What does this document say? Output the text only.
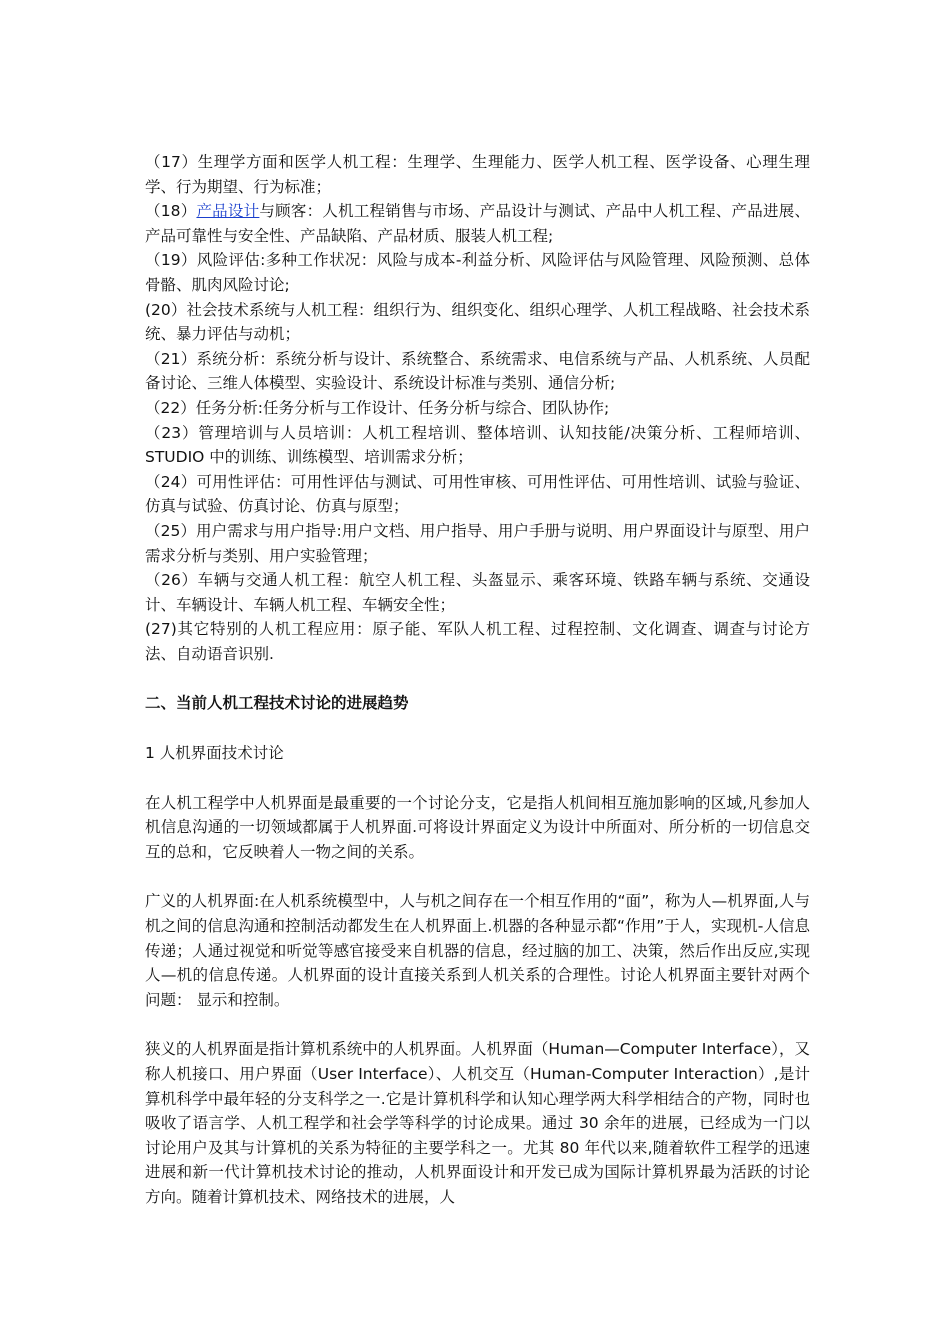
（17）生理学方面和医学人机工程：生理学、生理能力、医学人机工程、医学设备、心理生理学、行为期望、行为标准；

（18）产品设计与顾客：人机工程销售与市场、产品设计与测试、产品中人机工程、产品进展、产品可靠性与安全性、产品缺陷、产品材质、服装人机工程;

（19）风险评估:多种工作状况：风险与成本-利益分析、风险评估与风险管理、风险预测、总体骨骼、肌肉风险讨论;

(20）社会技术系统与人机工程：组织行为、组织变化、组织心理学、人机工程战略、社会技术系统、暴力评估与动机；

（21）系统分析：系统分析与设计、系统整合、系统需求、电信系统与产品、人机系统、人员配备讨论、三维人体模型、实验设计、系统设计标准与类别、通信分析;

（22）任务分析:任务分析与工作设计、任务分析与综合、团队协作;

（23）管理培训与人员培训：人机工程培训、整体培训、认知技能/决策分析、工程师培训、STUDIO 中的训练、训练模型、培训需求分析；

（24）可用性评估：可用性评估与测试、可用性审核、可用性评估、可用性培训、试验与验证、仿真与试验、仿真讨论、仿真与原型；

（25）用户需求与用户指导:用户文档、用户指导、用户手册与说明、用户界面设计与原型、用户需求分析与类别、用户实验管理；

（26）车辆与交通人机工程：航空人机工程、头盔显示、乘客环境、铁路车辆与系统、交通设计、车辆设计、车辆人机工程、车辆安全性；

(27)其它特别的人机工程应用：原子能、军队人机工程、过程控制、文化调查、调查与讨论方法、自动语音识别.

二、当前人机工程技术讨论的进展趋势

1 人机界面技术讨论

在人机工程学中人机界面是最重要的一个讨论分支，它是指人机间相互施加影响的区域,凡参加人机信息沟通的一切领域都属于人机界面.可将设计界面定义为设计中所面对、所分析的一切信息交互的总和，它反映着人一物之间的关系。

广义的人机界面:在人机系统模型中，人与机之间存在一个相互作用的“面”，称为人—机界面,人与机之间的信息沟通和控制活动都发生在人机界面上.机器的各种显示都“作用”于人，实现机-人信息传递；人通过视觉和听觉等感官接受来自机器的信息，经过脑的加工、决策，然后作出反应,实现人—机的信息传递。人机界面的设计直接关系到人机关系的合理性。讨论人机界面主要针对两个问题： 显示和控制。

狭义的人机界面是指计算机系统中的人机界面。人机界面（Human—Computer Interface），又称人机接口、用户界面（User Interface）、人机交互（Human-Computer Interaction）,是计算机科学中最年轻的分支科学之一.它是计算机科学和认知心理学两大科学相结合的产物，同时也吸收了语言学、人机工程学和社会学等科学的讨论成果。通过 30 余年的进展，已经成为一门以讨论用户及其与计算机的关系为特征的主要学科之一。尤其 80 年代以来,随着软件工程学的迅速进展和新一代计算机技术讨论的推动，人机界面设计和开发已成为国际计算机界最为活跃的讨论方向。随着计算机技术、网络技术的进展，人
